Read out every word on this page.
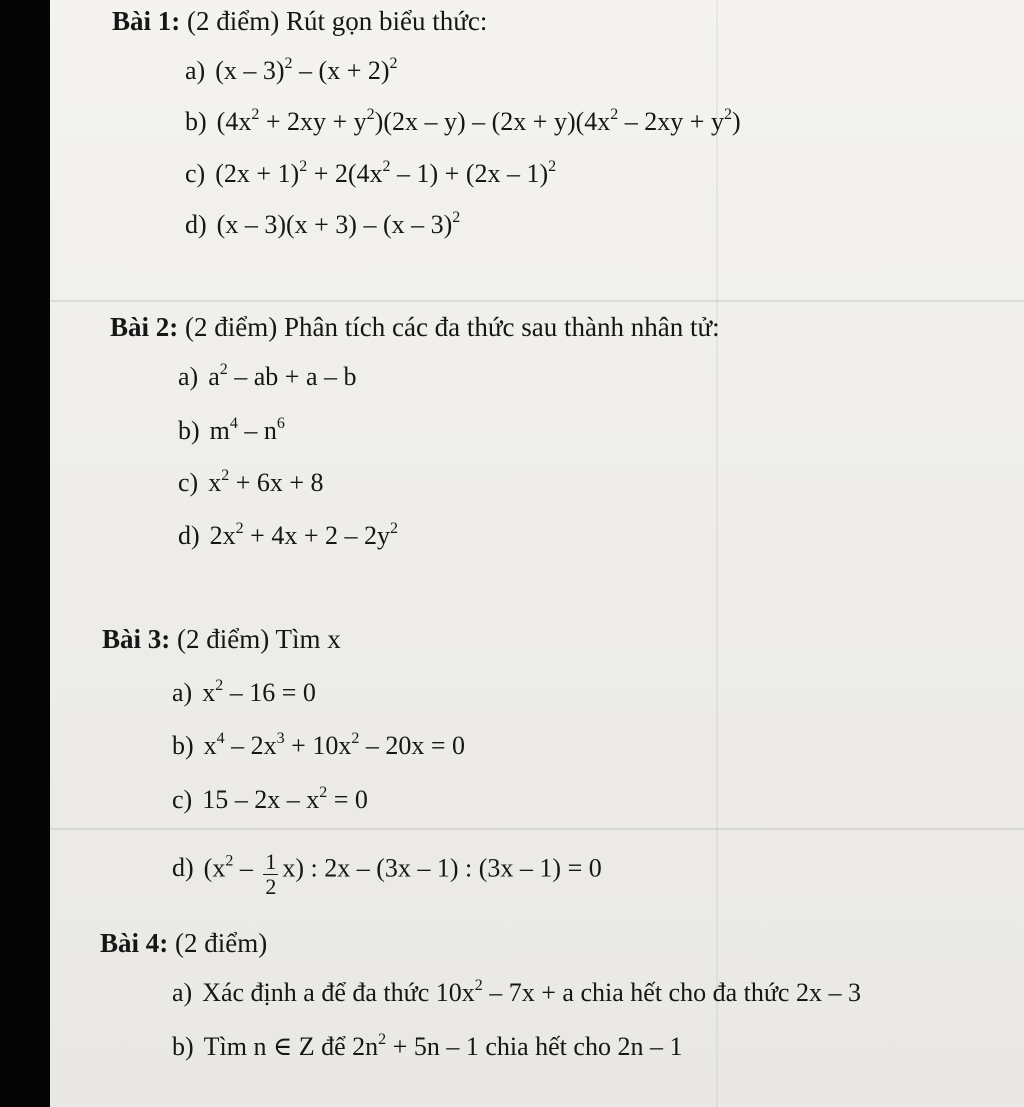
Bài 1: (2 điểm) Rút gọn biểu thức:
a) $(x - 3)^2 - (x + 2)^2$
b) $(4x^2 + 2xy + y^2)(2x - y) - (2x + y)(4x^2 - 2xy + y^2)$
c) $(2x + 1)^2 + 2(4x^2 - 1) + (2x - 1)^2$
d) (x – 3)(x + 3) – (x – 3)$^2$
Bài 2: (2 điểm) Phân tích các đa thức sau thành nhân tử:
a) $a^2$ – ab + a – b
b) $m^4 - n^6$
c) $x^2 + 6x + 8$
d) $2x^2 + 4x + 2 - 2y^2$
Bài 3: (2 điểm) Tìm x
a) $x^2 - 16 = 0$
b) $x^4 - 2x^3 + 10x^2 - 20x = 0$
c) $15 - 2x - x^2 = 0$
d) $(x^2 - \frac{1}{2} x)$ : 2x – (3x – 1) : (3x – 1) = 0
Bài 4: (2 điểm)
a) Xác định a để đa thức $10x^2 - 7x + a$ chia hết cho đa thức 2x – 3
b) Tìm n ∈ Z để $2n^2 + 5n - 1$ chia hết cho 2n – 1
